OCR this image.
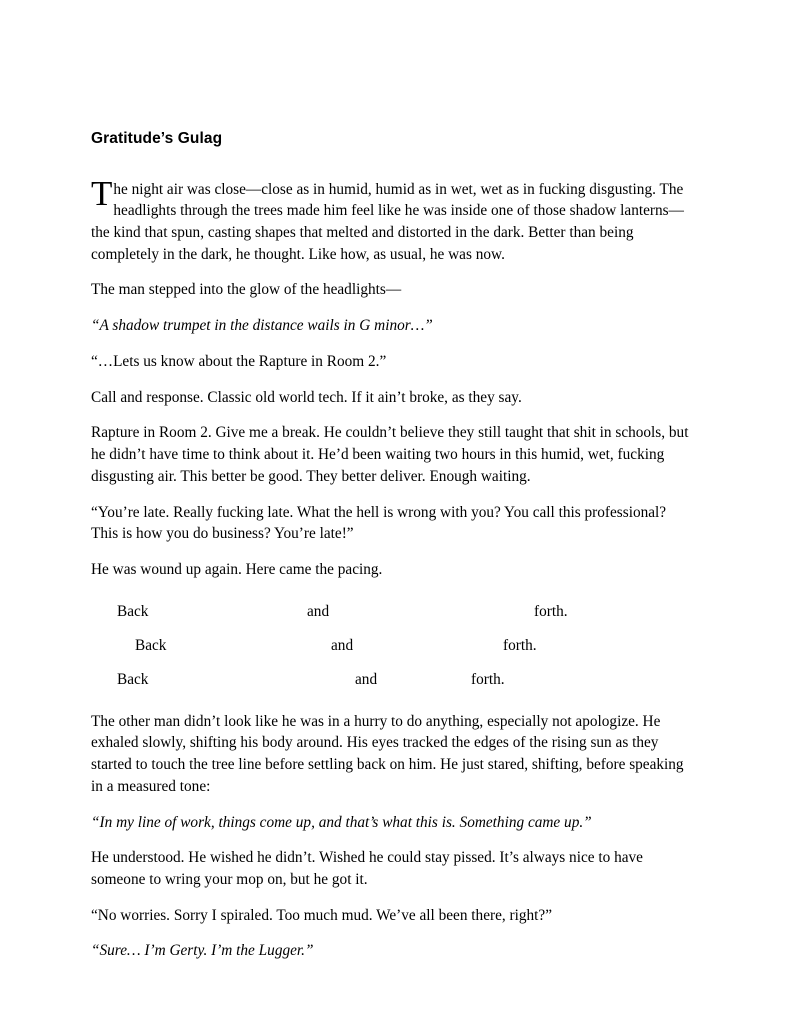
Gratitude’s Gulag
The night air was close—close as in humid, humid as in wet, wet as in fucking disgusting. The headlights through the trees made him feel like he was inside one of those shadow lanterns—the kind that spun, casting shapes that melted and distorted in the dark. Better than being completely in the dark, he thought. Like how, as usual, he was now.

The man stepped into the glow of the headlights—

“A shadow trumpet in the distance wails in G minor…”

“…Lets us know about the Rapture in Room 2.”

Call and response. Classic old world tech. If it ain’t broke, as they say.

Rapture in Room 2. Give me a break. He couldn’t believe they still taught that shit in schools, but he didn’t have time to think about it. He’d been waiting two hours in this humid, wet, fucking disgusting air. This better be good. They better deliver. Enough waiting.

“You’re late. Really fucking late. What the hell is wrong with you? You call this professional? This is how you do business? You’re late!”

He was wound up again. Here came the pacing.

Back	and	forth.
Back	and	forth.
Back	and	forth.

The other man didn’t look like he was in a hurry to do anything, especially not apologize. He exhaled slowly, shifting his body around. His eyes tracked the edges of the rising sun as they started to touch the tree line before settling back on him. He just stared, shifting, before speaking in a measured tone:

“In my line of work, things come up, and that’s what this is. Something came up.”

He understood. He wished he didn’t. Wished he could stay pissed. It’s always nice to have someone to wring your mop on, but he got it.

“No worries. Sorry I spiraled. Too much mud. We’ve all been there, right?”

“Sure… I’m Gerty. I’m the Lugger.”
